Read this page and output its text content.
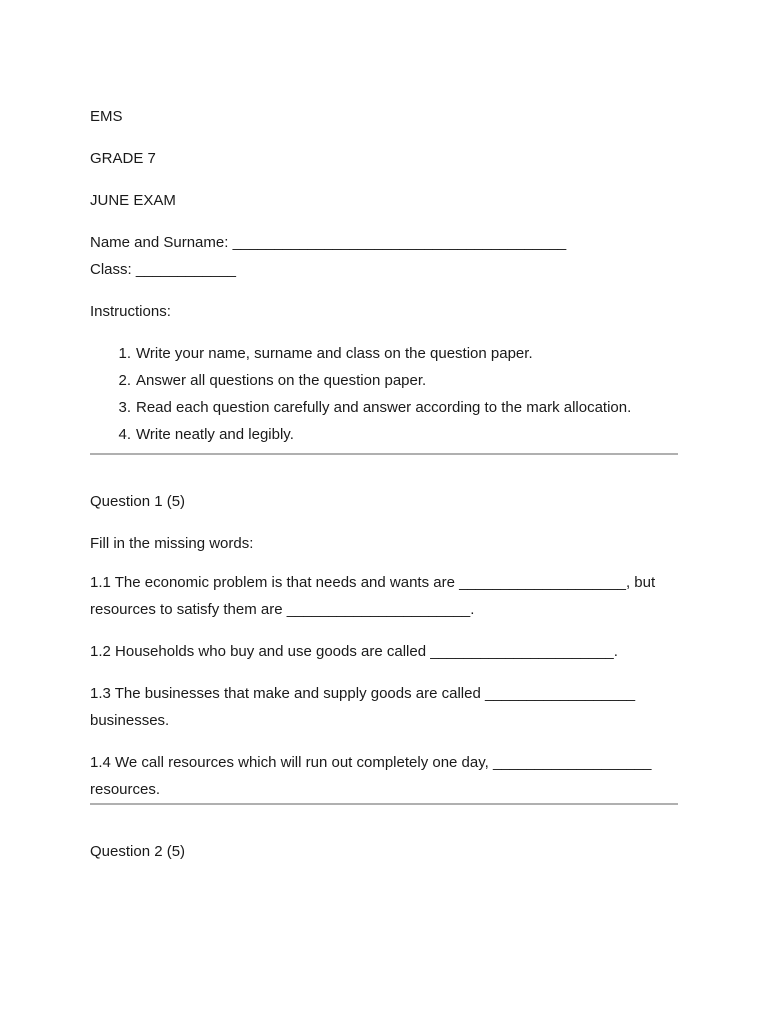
EMS

GRADE 7

JUNE EXAM

Name and Surname: ________________________________________

Class: ____________

Instructions:

1. Write your name, surname and class on the question paper.
2. Answer all questions on the question paper.
3. Read each question carefully and answer according to the mark allocation.
4. Write neatly and legibly.

Question 1 (5)

Fill in the missing words:

1.1 The economic problem is that needs and wants are ____________________, but resources to satisfy them are ______________________.

1.2 Households who buy and use goods are called ______________________.

1.3 The businesses that make and supply goods are called __________________ businesses.

1.4 We call resources which will run out completely one day, ___________________ resources.

Question 2 (5)
